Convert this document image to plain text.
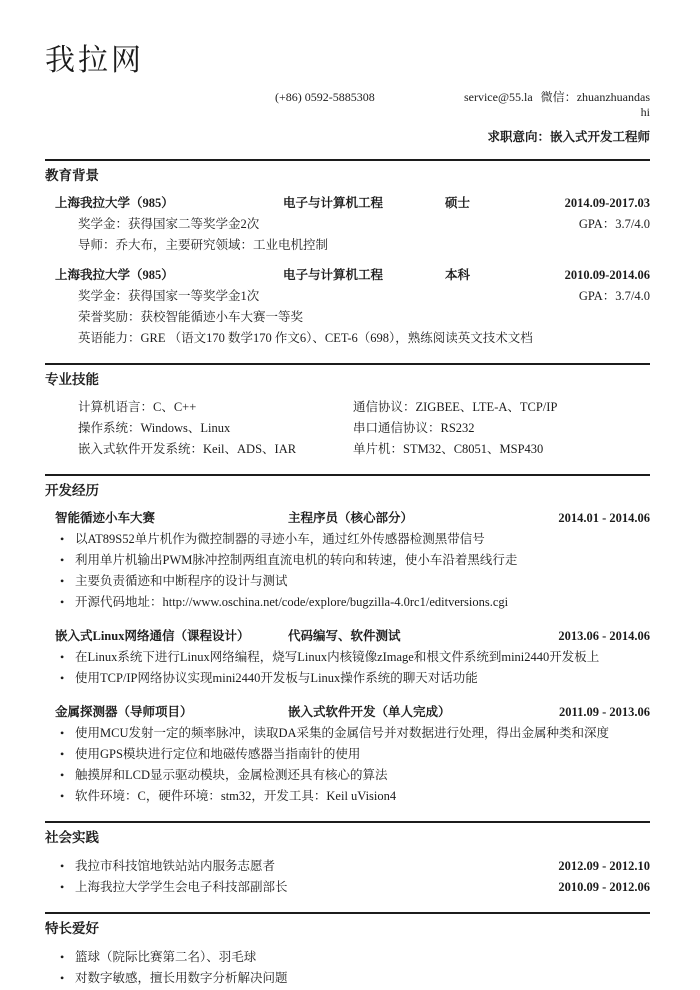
我拉网
(+86) 0592-5885308	service@55.la 微信：zhuanzhuandashi
求职意向：嵌入式开发工程师
教育背景
上海我拉大学（985）	电子与计算机工程	硕士	2014.09-2017.03
奖学金：获得国家二等奖学金2次	GPA：3.7/4.0
导师：乔大布，主要研究领域：工业电机控制
上海我拉大学（985）	电子与计算机工程	本科	2010.09-2014.06
奖学金：获得国家一等奖学金1次	GPA：3.7/4.0
荣誉奖励：获校智能循迹小车大赛一等奖
英语能力：GRE （语文170 数学170 作文6）、CET-6（698），熟练阅读英文技术文档
专业技能
计算机语言：C、C++	通信协议：ZIGBEE、LTE-A、TCP/IP
操作系统：Windows、Linux	串口通信协议：RS232
嵌入式软件开发系统：Keil、ADS、IAR	单片机：STM32、C8051、MSP430
开发经历
智能循迹小车大赛	主程序员（核心部分）	2014.01 - 2014.06
•
以AT89S52单片机作为微控制器的寻迹小车，通过红外传感器检测黑带信号
•
利用单片机输出PWM脉冲控制两组直流电机的转向和转速，使小车沿着黑线行走
•
主要负责循迹和中断程序的设计与测试
•
开源代码地址：http://www.oschina.net/code/explore/bugzilla-4.0rc1/editversions.cgi
嵌入式Linux网络通信（课程设计）	代码编写、软件测试	2013.06 - 2014.06
•
在Linux系统下进行Linux网络编程，烧写Linux内核镜像zImage和根文件系统到mini2440开发板上
•
使用TCP/IP网络协议实现mini2440开发板与Linux操作系统的聊天对话功能
金属探测器（导师项目）	嵌入式软件开发（单人完成）	2011.09 - 2013.06
•
使用MCU发射一定的频率脉冲，读取DA采集的金属信号并对数据进行处理，得出金属种类和深度
•
使用GPS模块进行定位和地磁传感器当指南针的使用
•
触摸屏和LCD显示驱动模块，金属检测还具有核心的算法
•
软件环境：C，硬件环境：stm32，开发工具：Keil uVision4
社会实践
•
我拉市科技馆地铁站站内服务志愿者	2012.09 - 2012.10
•
上海我拉大学学生会电子科技部副部长	2010.09 - 2012.06
特长爱好
•
篮球（院际比赛第二名）、羽毛球
•
对数字敏感，擅长用数字分析解决问题
